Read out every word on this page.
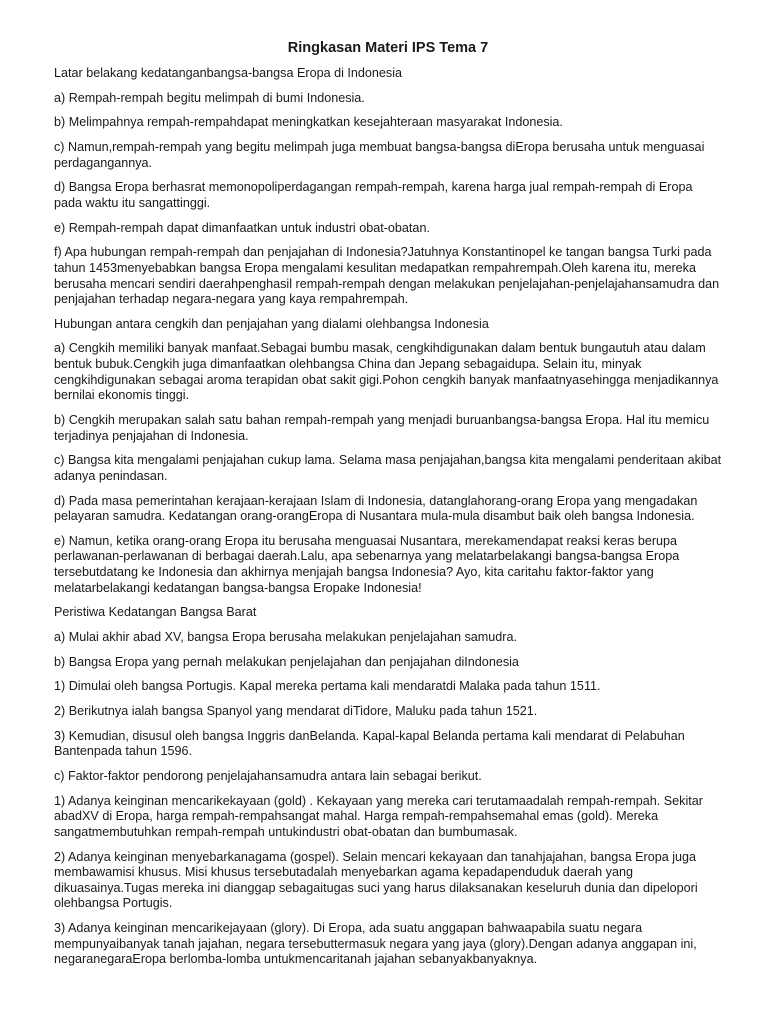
Ringkasan Materi IPS Tema 7

Latar belakang kedatanganbangsa-bangsa Eropa di Indonesia

a) Rempah-rempah begitu melimpah di bumi Indonesia.

b) Melimpahnya rempah-rempahdapat meningkatkan kesejahteraan masyarakat Indonesia.

c) Namun,rempah-rempah yang begitu melimpah juga membuat bangsa-bangsa diEropa berusaha untuk menguasai perdagangannya.

d) Bangsa Eropa berhasrat memonopoliperdagangan rempah-rempah, karena harga jual rempah-rempah di Eropa pada waktu itu sangattinggi.

e) Rempah-rempah dapat dimanfaatkan untuk industri obat-obatan.

f) Apa hubungan rempah-rempah dan penjajahan di Indonesia?Jatuhnya Konstantinopel ke tangan bangsa Turki pada tahun 1453menyebabkan bangsa Eropa mengalami kesulitan medapatkan rempahrempah.Oleh karena itu, mereka berusaha mencari sendiri daerahpenghasil rempah-rempah dengan melakukan penjelajahan-penjelajahansamudra dan penjajahan terhadap negara-negara yang kaya rempahrempah.

Hubungan antara cengkih dan penjajahan yang dialami olehbangsa Indonesia

a) Cengkih memiliki banyak manfaat.Sebagai bumbu masak, cengkihdigunakan dalam bentuk bungautuh atau dalam bentuk bubuk.Cengkih juga dimanfaatkan olehbangsa China dan Jepang sebagaidupa. Selain itu, minyak cengkihdigunakan sebagai aroma terapidan obat sakit gigi.Pohon cengkih banyak manfaatnyasehingga menjadikannya bernilai ekonomis tinggi.

b) Cengkih merupakan salah satu bahan rempah-rempah yang menjadi buruanbangsa-bangsa Eropa. Hal itu memicu terjadinya penjajahan di Indonesia.

c) Bangsa kita mengalami penjajahan cukup lama. Selama masa penjajahan,bangsa kita mengalami penderitaan akibat adanya penindasan.

d) Pada masa pemerintahan kerajaan-kerajaan Islam di Indonesia, datanglahorang-orang Eropa yang mengadakan pelayaran samudra. Kedatangan orang-orangEropa di Nusantara mula-mula disambut baik oleh bangsa Indonesia.

e) Namun, ketika orang-orang Eropa itu berusaha menguasai Nusantara, merekamendapat reaksi keras berupa perlawanan-perlawanan di berbagai daerah.Lalu, apa sebenarnya yang melatarbelakangi bangsa-bangsa Eropa tersebutdatang ke Indonesia dan akhirnya menjajah bangsa Indonesia? Ayo, kita caritahu faktor-faktor yang melatarbelakangi kedatangan bangsa-bangsa Eropake Indonesia!

Peristiwa Kedatangan Bangsa Barat

a) Mulai akhir abad XV, bangsa Eropa berusaha melakukan penjelajahan samudra.

b) Bangsa Eropa yang pernah melakukan penjelajahan dan penjajahan diIndonesia

1) Dimulai oleh bangsa Portugis. Kapal mereka pertama kali mendaratdi Malaka pada tahun 1511.

2) Berikutnya ialah bangsa Spanyol yang mendarat diTidore, Maluku pada tahun 1521.

3) Kemudian, disusul oleh bangsa Inggris danBelanda. Kapal-kapal Belanda pertama kali mendarat di Pelabuhan Bantenpada tahun 1596.

c) Faktor-faktor pendorong penjelajahansamudra antara lain sebagai berikut.

1) Adanya keinginan mencarikekayaan (gold) . Kekayaan yang mereka cari terutamaadalah rempah-rempah. Sekitar abadXV di Eropa, harga rempah-rempahsangat mahal. Harga rempah-rempahsemahal emas (gold). Mereka sangatmembutuhkan rempah-rempah untukindustri obat-obatan dan bumbumasak.

2) Adanya keinginan menyebarkanagama (gospel). Selain mencari kekayaan dan tanahjajahan, bangsa Eropa juga membawamisi khusus. Misi khusus tersebutadalah menyebarkan agama kepadapenduduk daerah yang dikuasainya.Tugas mereka ini dianggap sebagaitugas suci yang harus dilaksanakan keseluruh dunia dan dipelopori olehbangsa Portugis.

3) Adanya keinginan mencarikejayaan (glory). Di Eropa, ada suatu anggapan bahwaapabila suatu negara mempunyaibanyak tanah jajahan, negara tersebuttermasuk negara yang jaya (glory).Dengan adanya anggapan ini, negaranegaraEropa berlomba-lomba untukmencaritanah jajahan sebanyakbanyaknya.
